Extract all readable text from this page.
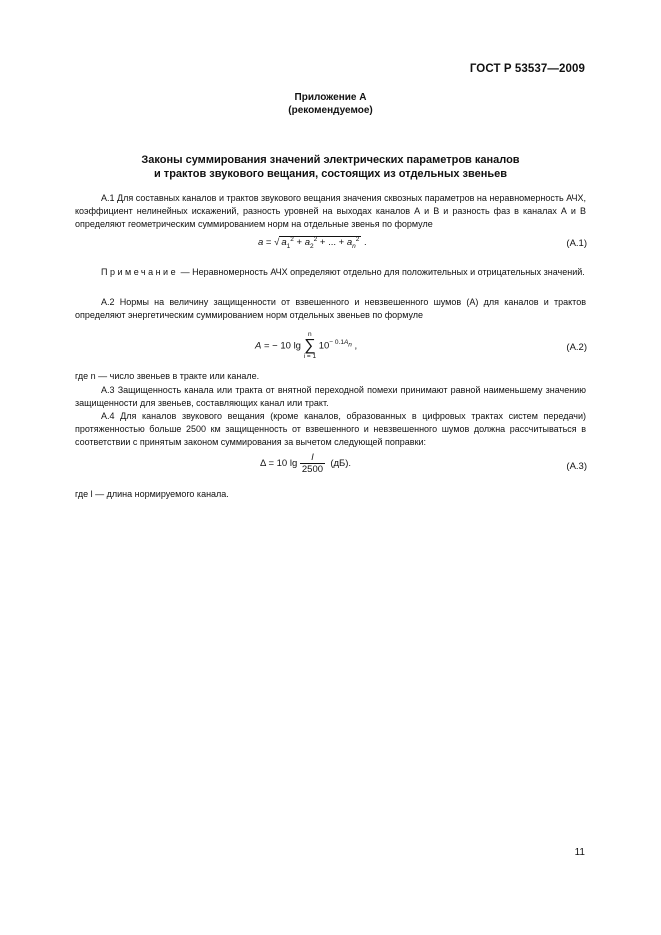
ГОСТ Р 53537—2009
Приложение А
(рекомендуемое)
Законы суммирования значений электрических параметров каналов
и трактов звукового вещания, состоящих из отдельных звеньев
А.1 Для составных каналов и трактов звукового вещания значения сквозных параметров на неравномерность АЧХ, коэффициент нелинейных искажений, разность уровней на выходах каналов А и В и разность фаз в каналах А и В определяют геометрическим суммированием норм на отдельные звенья по формуле
a = √ $a_1^2 + a_2^2$ + ... + $a_n^2$ .	(А.1)
Примечание — Неравномерность АЧХ определяют отдельно для положительных и отрицательных значений.
А.2 Нормы на величину защищенности от взвешенного и невзвешенного шумов (А) для каналов и трактов определяют энергетическим суммированием норм отдельных звеньев по формуле
A = − 10 lg
n
∑
i = 1
$10^{- 0.1A_n}$ ,	(А.2)
где n — число звеньев в тракте или канале.
А.3 Защищенность канала или тракта от внятной переходной помехи принимают равной наименьшему значению защищенности для звеньев, составляющих канал или тракт.
А.4 Для каналов звукового вещания (кроме каналов, образованных в цифровых трактах систем передачи) протяженностью больше 2500 км защищенность от взвешенного и невзвешенного шумов должна рассчитываться в соответствии с принятым законом суммирования за вычетом следующей поправки:
Δ = 10 $\lg \frac{l}{2500} (дБ)$.	(А.3)
где l — длина нормируемого канала.
11
